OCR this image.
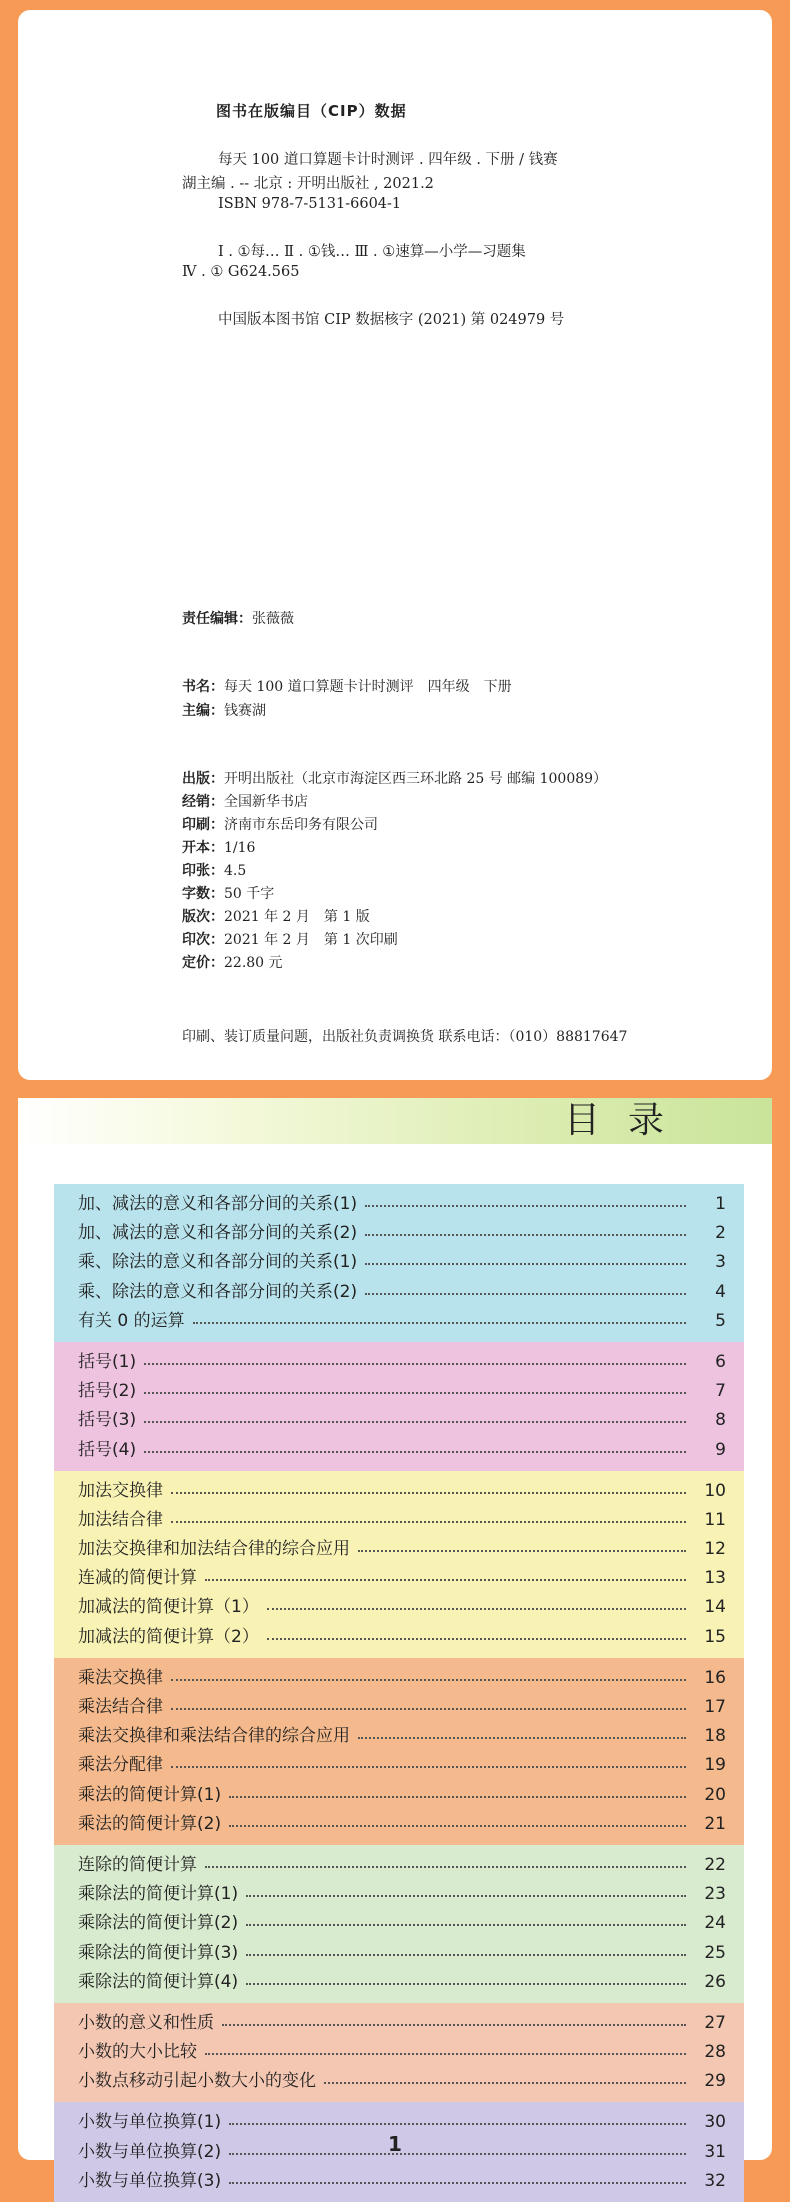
图书在版编目（CIP）数据
每天 100 道口算题卡计时测评 . 四年级 . 下册 / 钱赛
湖主编 . -- 北京 : 开明出版社 , 2021.2
ISBN 978-7-5131-6604-1
Ⅰ . ①每… Ⅱ . ①钱… Ⅲ . ①速算—小学—习题集
Ⅳ . ① G624.565
中国版本图书馆 CIP 数据核字 (2021) 第 024979 号
责任编辑：张薇薇
书名：每天 100 道口算题卡计时测评　四年级　下册
主编：钱赛湖
出版：开明出版社（北京市海淀区西三环北路 25 号 邮编 100089）
经销：全国新华书店
印刷：济南市东岳印务有限公司
开本：1/16
印张：4.5
字数：50 千字
版次：2021 年 2 月　第 1 版
印次：2021 年 2 月　第 1 次印刷
定价：22.80 元
印刷、装订质量问题，出版社负责调换货 联系电话：（010）88817647
目录
加、减法的意义和各部分间的关系(1)	1
加、减法的意义和各部分间的关系(2)	2
乘、除法的意义和各部分间的关系(1)	3
乘、除法的意义和各部分间的关系(2)	4
有关 0 的运算	5
括号(1)	6
括号(2)	7
括号(3)	8
括号(4)	9
加法交换律	10
加法结合律	11
加法交换律和加法结合律的综合应用	12
连减的简便计算	13
加减法的简便计算（1）	14
加减法的简便计算（2）	15
乘法交换律	16
乘法结合律	17
乘法交换律和乘法结合律的综合应用	18
乘法分配律	19
乘法的简便计算(1)	20
乘法的简便计算(2)	21
连除的简便计算	22
乘除法的简便计算(1)	23
乘除法的简便计算(2)	24
乘除法的简便计算(3)	25
乘除法的简便计算(4)	26
小数的意义和性质	27
小数的大小比较	28
小数点移动引起小数大小的变化	29
小数与单位换算(1)	30
小数与单位换算(2)	31
小数与单位换算(3)	32
1
